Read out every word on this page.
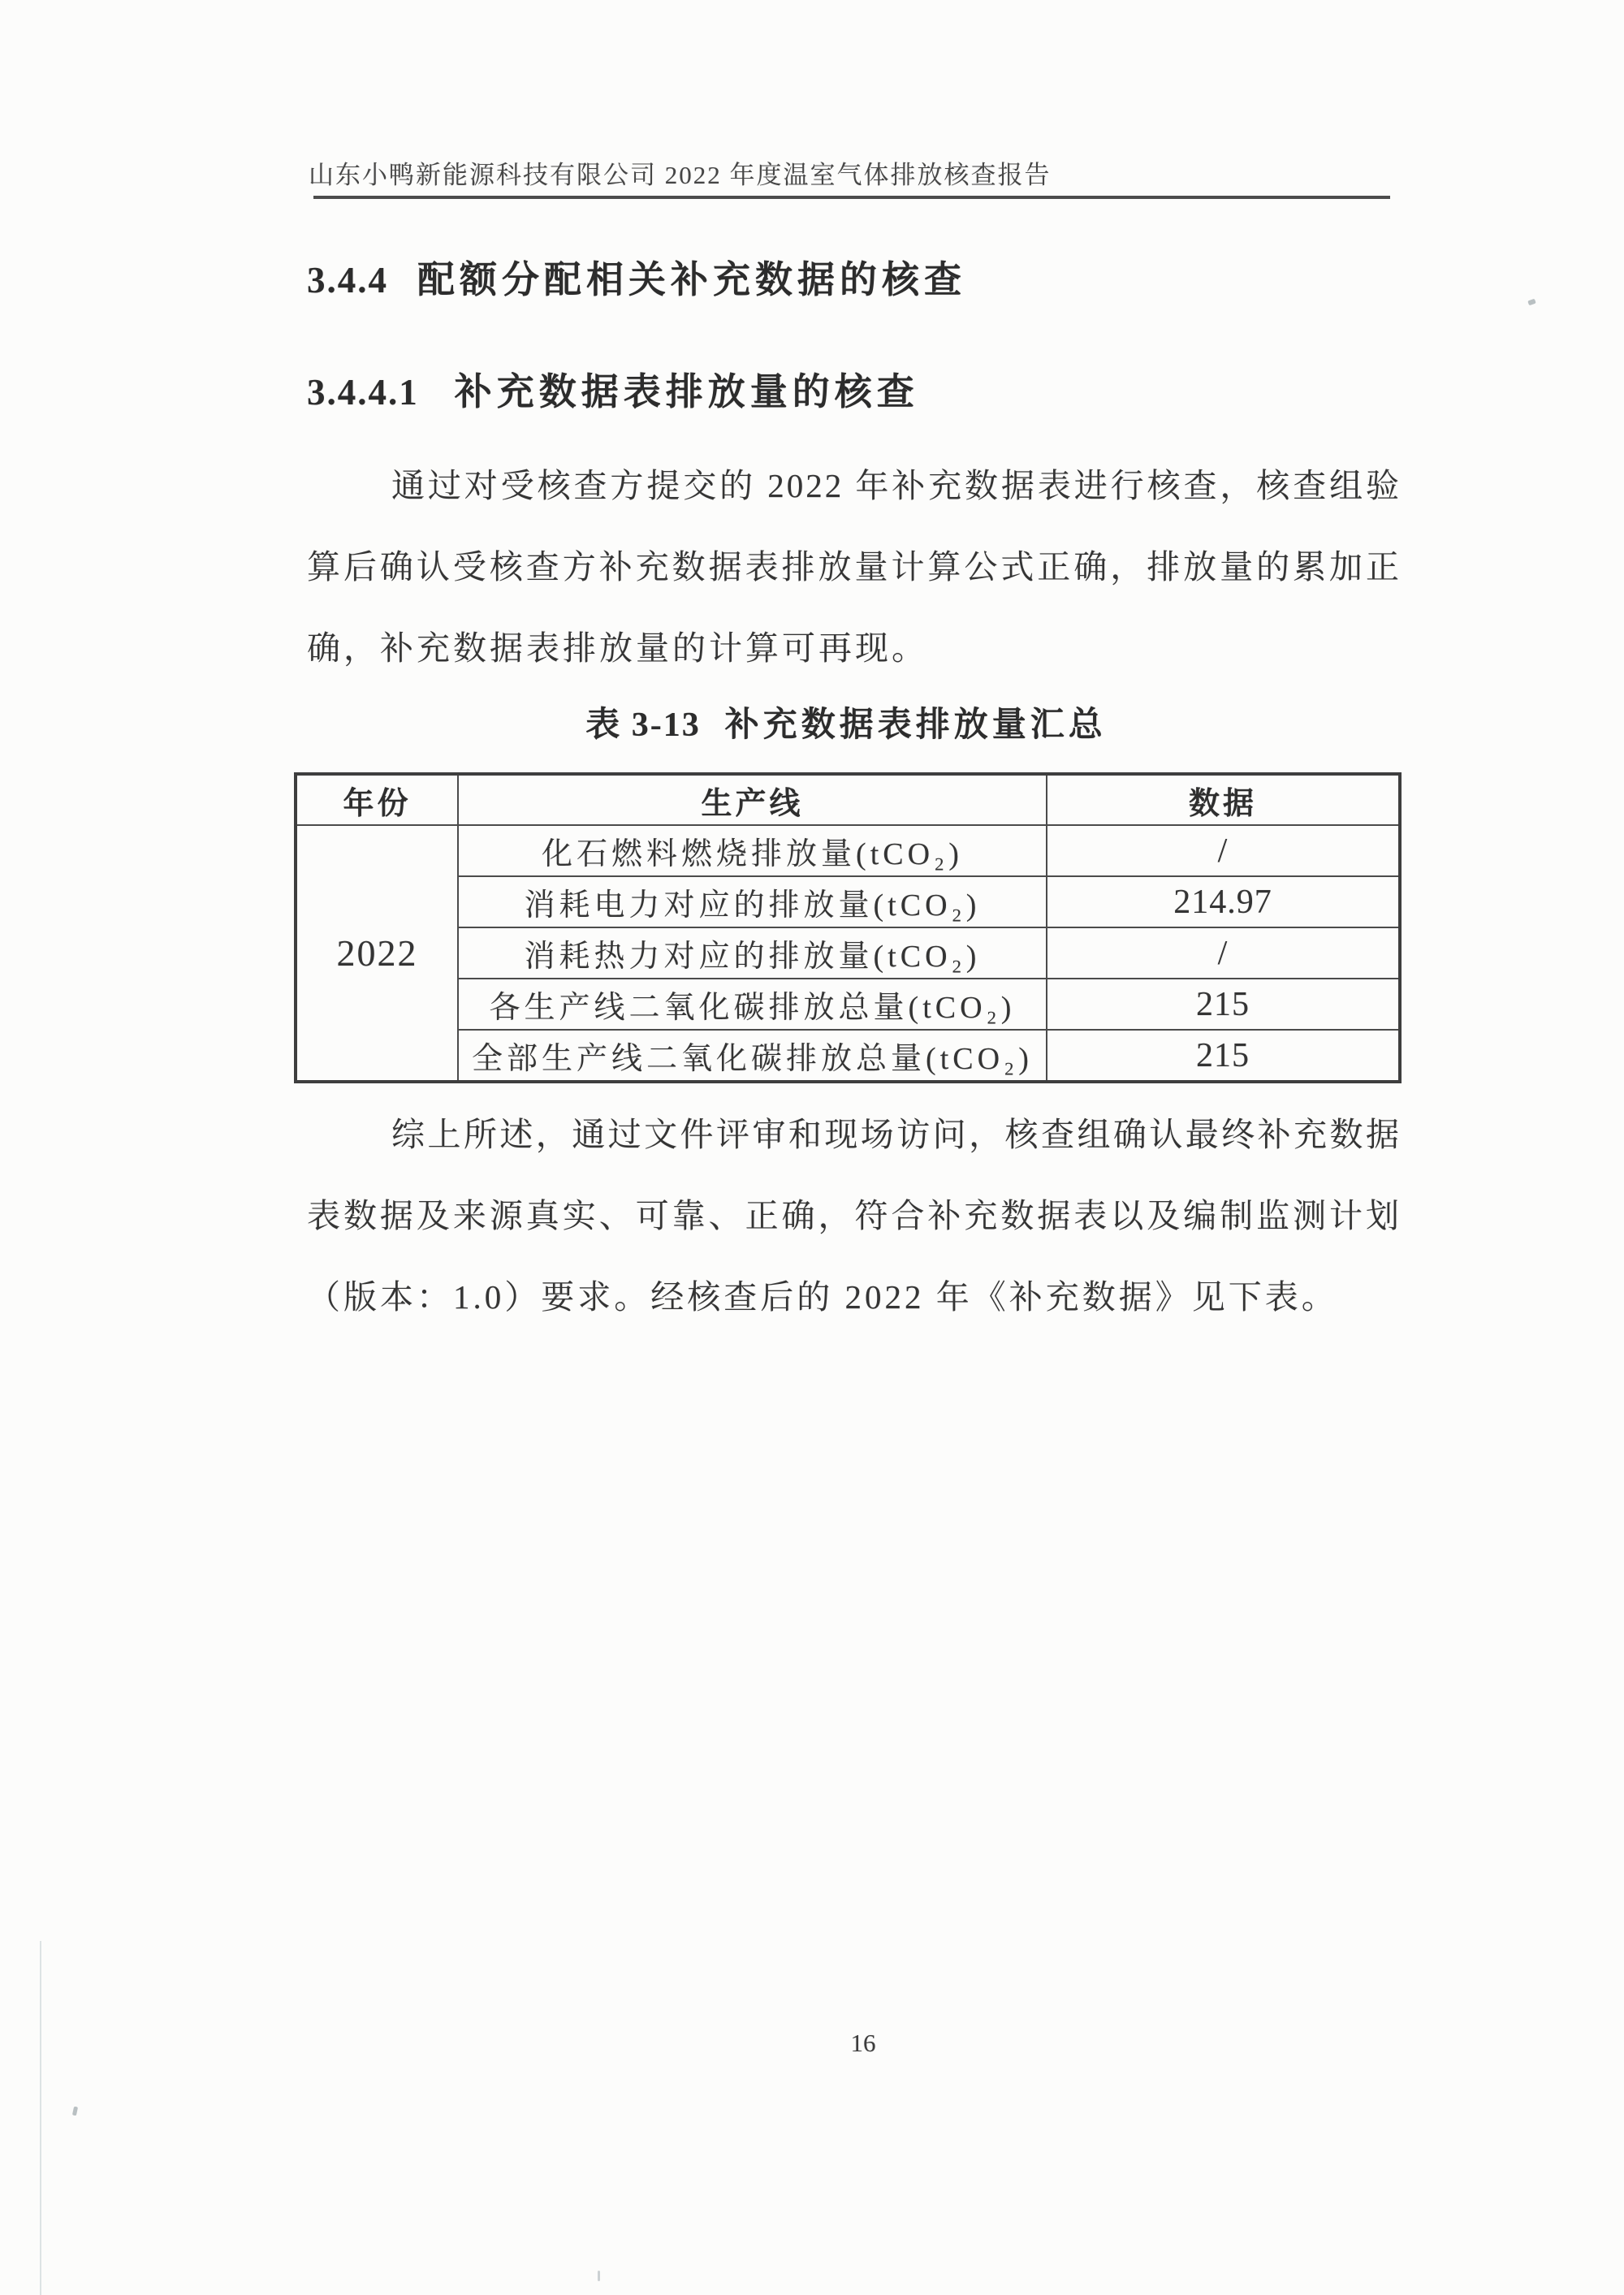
山东小鸭新能源科技有限公司 2022 年度温室气体排放核查报告
3.4.4 配额分配相关补充数据的核查
3.4.4.1 补充数据表排放量的核查
通过对受核查方提交的 2022 年补充数据表进行核查，核查组验
算后确认受核查方补充数据表排放量计算公式正确，排放量的累加正
确，补充数据表排放量的计算可再现。
表 3-13 补充数据表排放量汇总
年份	生产线	数据
2022	化石燃料燃烧排放量(tCO₂)	/
	消耗电力对应的排放量(tCO₂)	214.97
	消耗热力对应的排放量(tCO₂)	/
	各生产线二氧化碳排放总量(tCO₂)	215
	全部生产线二氧化碳排放总量(tCO₂)	215
综上所述，通过文件评审和现场访问，核查组确认最终补充数据
表数据及来源真实、可靠、正确，符合补充数据表以及编制监测计划
（版本：1.0）要求。经核查后的 2022 年《补充数据》见下表。
16
